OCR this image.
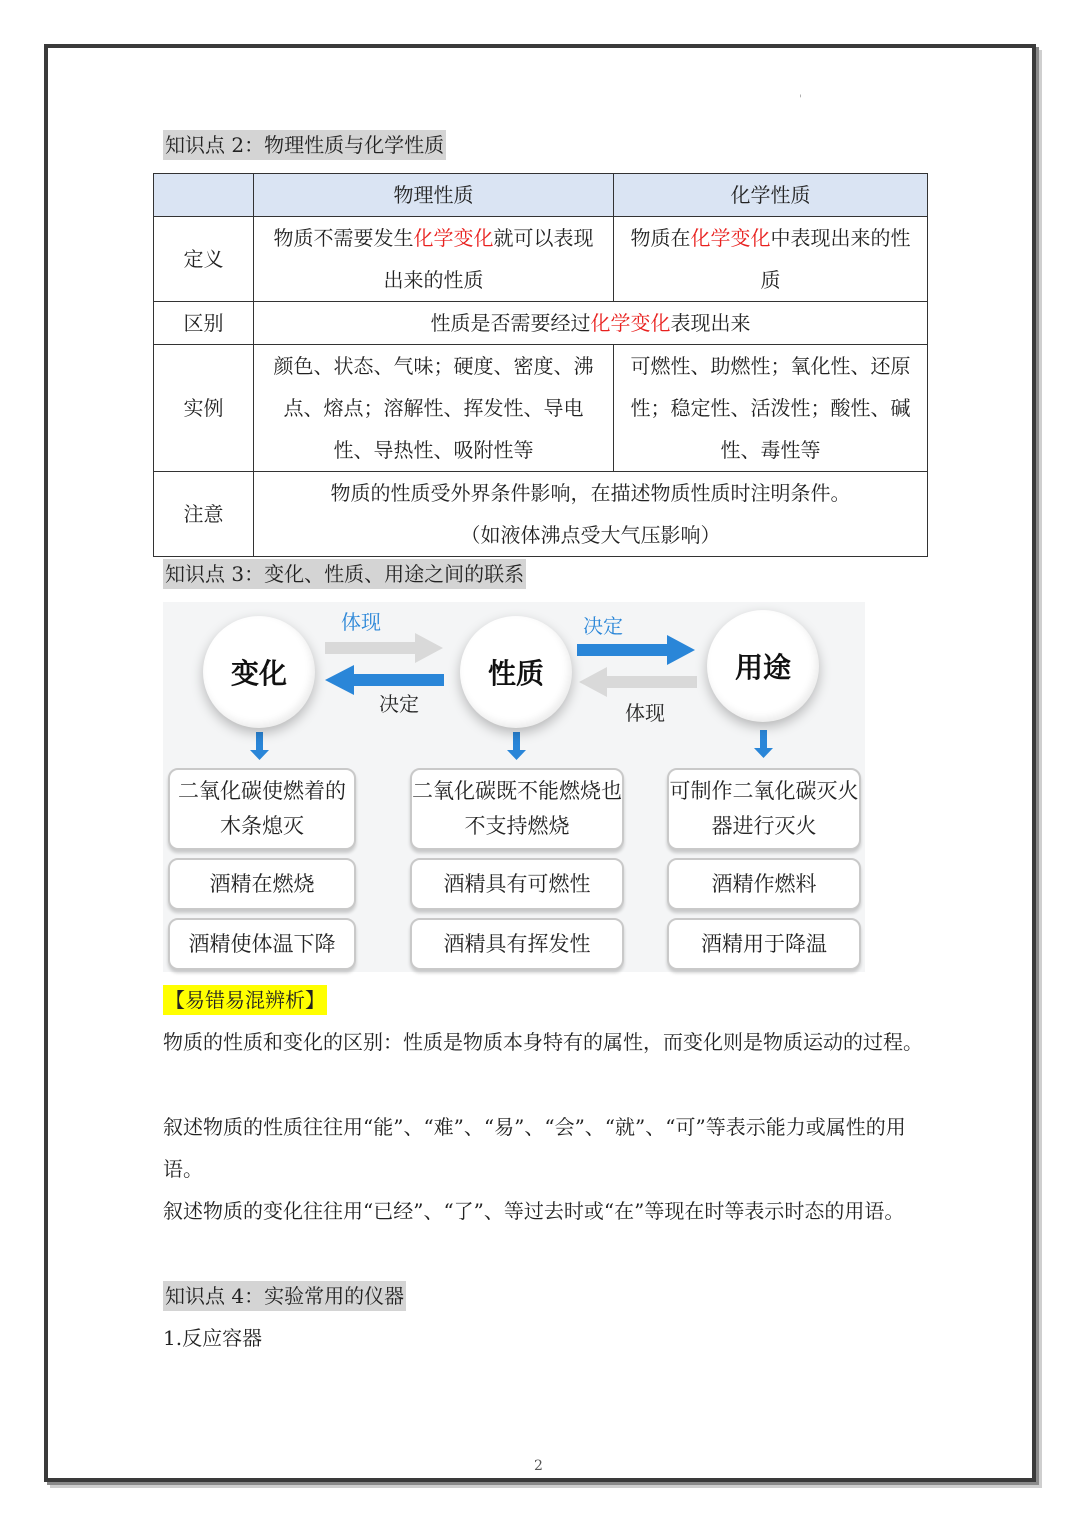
'
知识点 2：物理性质与化学性质
	物理性质	化学性质
定义	物质不需要发生化学变化就可以表现出来的性质	物质在化学变化中表现出来的性质
区别	性质是否需要经过化学变化表现出来	
实例	颜色、状态、气味；硬度、密度、沸点、熔点；溶解性、挥发性、导电性、导热性、吸附性等	可燃性、助燃性；氧化性、还原性；稳定性、活泼性；酸性、碱性、毒性等
注意	物质的性质受外界条件影响，在描述物质性质时注明条件。
（如液体沸点受大气压影响）	
知识点 3：变化、性质、用途之间的联系
变化	性质	用途
体现
决定
决定
体现
二氧化碳使燃着的木条熄灭
酒精在燃烧
酒精使体温下降
二氧化碳既不能燃烧也不支持燃烧
酒精具有可燃性
酒精具有挥发性
可制作二氧化碳灭火器进行灭火
酒精作燃料
酒精用于降温
【易错易混辨析】
物质的性质和变化的区别：性质是物质本身特有的属性，而变化则是物质运动的过程。
叙述物质的性质往往用“能”、“难”、“易”、“会”、“就”、“可”等表示能力或属性的用语。
叙述物质的变化往往用“已经”、“了”、等过去时或“在”等现在时等表示时态的用语。
知识点 4：实验常用的仪器
1.反应容器
2
